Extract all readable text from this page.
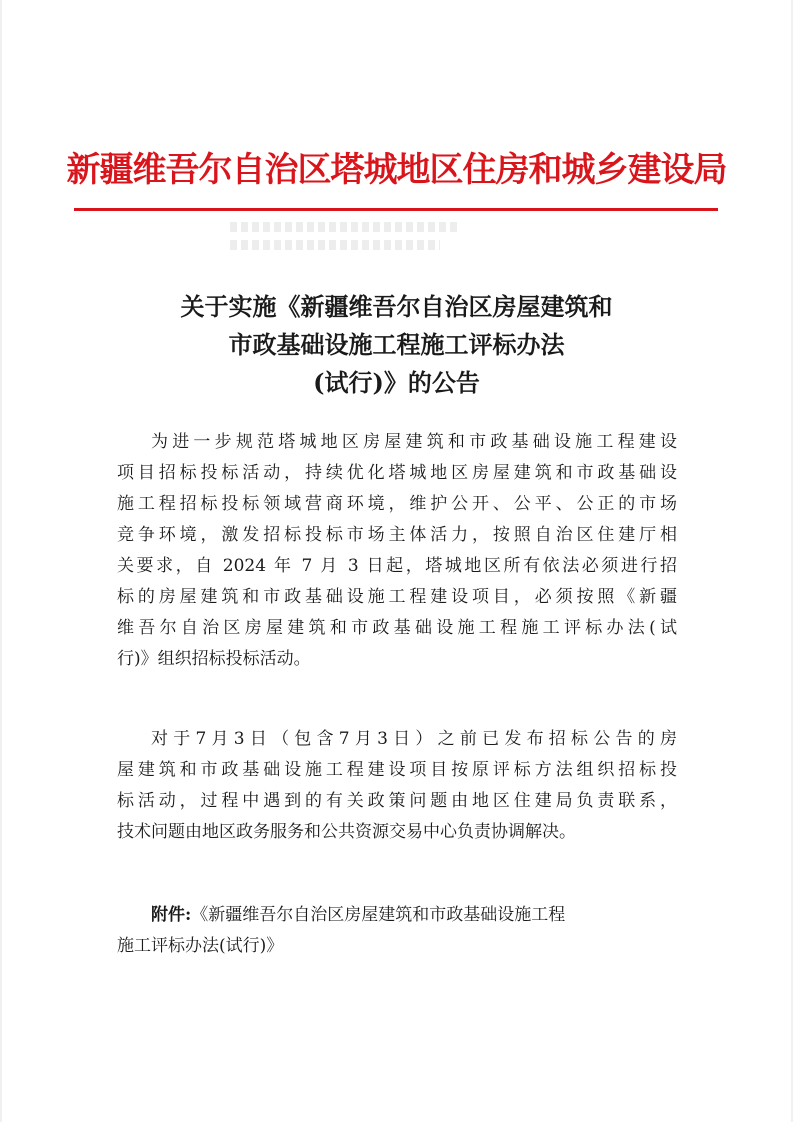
新疆维吾尔自治区塔城地区住房和城乡建设局
关于实施《新疆维吾尔自治区房屋建筑和
市政基础设施工程施工评标办法
(试行)》的公告
为进一步规范塔城地区房屋建筑和市政基础设施工程建设
项目招标投标活动，持续优化塔城地区房屋建筑和市政基础设
施工程招标投标领域营商环境，维护公开、公平、公正的市场
竞争环境，激发招标投标市场主体活力，按照自治区住建厅相
关要求，自 2024 年 7 月 3 日起，塔城地区所有依法必须进行招
标的房屋建筑和市政基础设施工程建设项目，必须按照《新疆
维吾尔自治区房屋建筑和市政基础设施工程施工评标办法(试
行)》组织招标投标活动。
对于7月3日（包含7月3日）之前已发布招标公告的房
屋建筑和市政基础设施工程建设项目按原评标方法组织招标投
标活动，过程中遇到的有关政策问题由地区住建局负责联系，
技术问题由地区政务服务和公共资源交易中心负责协调解决。
附件:《新疆维吾尔自治区房屋建筑和市政基础设施工程
施工评标办法(试行)》
